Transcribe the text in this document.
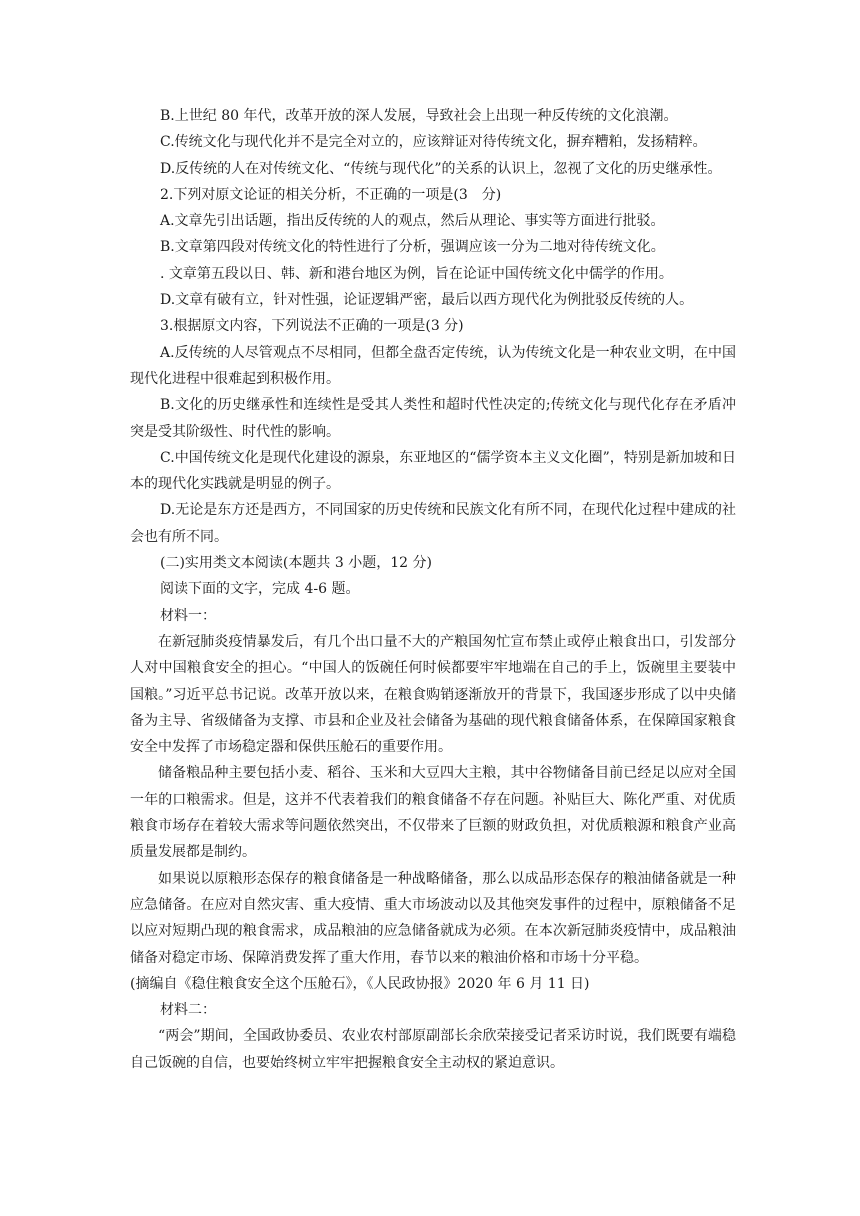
B.上世纪 80 年代，改革开放的深人发展，导致社会上出现一种反传统的文化浪潮。

C.传统文化与现代化并不是完全对立的，应该辩证对待传统文化，摒弃糟粕，发扬精粹。

D.反传统的人在对传统文化、“传统与现代化”的关系的认识上，忽视了文化的历史继承性。

2.下列对原文论证的相关分析，不正确的一项是(3　分)

A.文章先引出话题，指出反传统的人的观点，然后从理论、事实等方面进行批驳。

B.文章第四段对传统文化的特性进行了分析，强调应该一分为二地对待传统文化。

. 文章第五段以日、韩、新和港台地区为例，旨在论证中国传统文化中儒学的作用。

D.文章有破有立，针对性强，论证逻辑严密，最后以西方现代化为例批驳反传统的人。

3.根据原文内容，下列说法不正确的一项是(3 分)

A.反传统的人尽管观点不尽相同，但都全盘否定传统，认为传统文化是一种农业文明，在中国现代化进程中很难起到积极作用。

B.文化的历史继承性和连续性是受其人类性和超时代性决定的;传统文化与现代化存在矛盾冲突是受其阶级性、时代性的影响。

C.中国传统文化是现代化建设的源泉，东亚地区的“儒学资本主义文化圈”，特别是新加坡和日本的现代化实践就是明显的例子。

D.无论是东方还是西方，不同国家的历史传统和民族文化有所不同，在现代化过程中建成的社会也有所不同。

(二)实用类文本阅读(本题共 3 小题，12 分)

阅读下面的文字，完成 4-6 题。

材料一：

在新冠肺炎疫情暴发后，有几个出口量不大的产粮国匆忙宣布禁止或停止粮食出口，引发部分人对中国粮食安全的担心。“中国人的饭碗任何时候都要牢牢地端在自己的手上，饭碗里主要装中国粮。”习近平总书记说。改革开放以来，在粮食购销逐渐放开的背景下，我国逐步形成了以中央储备为主导、省级储备为支撑、市县和企业及社会储备为基础的现代粮食储备体系，在保障国家粮食安全中发挥了市场稳定器和保供压舱石的重要作用。

储备粮品种主要包括小麦、稻谷、玉米和大豆四大主粮，其中谷物储备目前已经足以应对全国一年的口粮需求。但是，这并不代表着我们的粮食储备不存在问题。补贴巨大、陈化严重、对优质粮食市场存在着较大需求等问题依然突出，不仅带来了巨额的财政负担，对优质粮源和粮食产业高质量发展都是制约。

如果说以原粮形态保存的粮食储备是一种战略储备，那么以成品形态保存的粮油储备就是一种应急储备。在应对自然灾害、重大疫情、重大市场波动以及其他突发事件的过程中，原粮储备不足以应对短期凸现的粮食需求，成品粮油的应急储备就成为必须。在本次新冠肺炎疫情中，成品粮油储备对稳定市场、保障消费发挥了重大作用，春节以来的粮油价格和市场十分平稳。

(摘编自《稳住粮食安全这个压舱石》，《人民政协报》2020 年 6 月 11 日)

材料二：

“两会”期间，全国政协委员、农业农村部原副部长余欣荣接受记者采访时说，我们既要有端稳自己饭碗的自信，也要始终树立牢牢把握粮食安全主动权的紧迫意识。
